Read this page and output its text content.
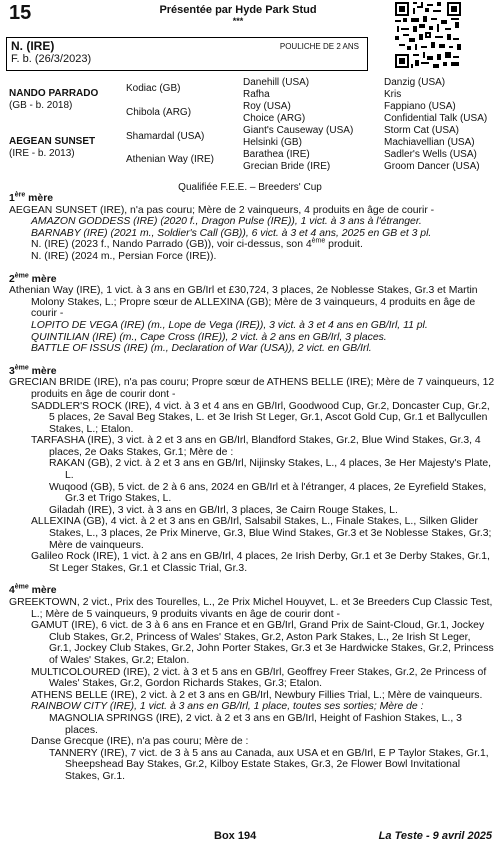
15	Présentée par Hyde Park Stud
***
N. (IRE)
F. b. (26/3/2023)
POULICHE DE 2 ANS
NANDO PARRADO
(GB - b. 2018)
AEGEAN SUNSET
(IRE - b. 2013)
Kodiac (GB)
Chibola (ARG)
Shamardal (USA)
Athenian Way (IRE)
Danehill (USA)
Rafha
Roy (USA)
Choice (ARG)
Giant's Causeway (USA)
Helsinki (GB)
Barathea (IRE)
Grecian Bride (IRE)
Danzig (USA)
Kris
Fappiano (USA)
Confidential Talk (USA)
Storm Cat (USA)
Machiavellian (USA)
Sadler's Wells (USA)
Groom Dancer (USA)
Qualifiée F.E.E. – Breeders' Cup
1ère mère

AEGEAN SUNSET (IRE), n'a pas couru; Mère de 2 vainqueurs, 4 produits en âge de courir -

AMAZON GODDESS (IRE) (2020 f., Dragon Pulse (IRE)), 1 vict. à 3 ans à l'étranger.

BARNABY (IRE) (2021 m., Soldier's Call (GB)), 6 vict. à 3 et 4 ans, 2025 en GB et 3 pl.

N. (IRE) (2023 f., Nando Parrado (GB)), voir ci-dessus, son 4ème produit.

N. (IRE) (2024 m., Persian Force (IRE)).

2ème mère

Athenian Way (IRE), 1 vict. à 3 ans en GB/Irl et £30,724, 3 places, 2e Noblesse Stakes, Gr.3 et Martin Molony Stakes, L.; Propre sœur de ALLEXINA (GB); Mère de 3 vainqueurs, 4 produits en âge de courir -

LOPITO DE VEGA (IRE) (m., Lope de Vega (IRE)), 3 vict. à 3 et 4 ans en GB/Irl, 11 pl.

QUINTILIAN (IRE) (m., Cape Cross (IRE)), 2 vict. à 2 ans en GB/Irl, 3 places.

BATTLE OF ISSUS (IRE) (m., Declaration of War (USA)), 2 vict. en GB/Irl.

3ème mère

GRECIAN BRIDE (IRE), n'a pas couru; Propre sœur de ATHENS BELLE (IRE); Mère de 7 vainqueurs, 12 produits en âge de courir dont -

SADDLER'S ROCK (IRE), 4 vict. à 3 et 4 ans en GB/Irl, Goodwood Cup, Gr.2, Doncaster Cup, Gr.2, 5 places, 2e Saval Beg Stakes, L. et 3e Irish St Leger, Gr.1, Ascot Gold Cup, Gr.1 et Ballycullen Stakes, L.; Etalon.

TARFASHA (IRE), 3 vict. à 2 et 3 ans en GB/Irl, Blandford Stakes, Gr.2, Blue Wind Stakes, Gr.3, 4 places, 2e Oaks Stakes, Gr.1; Mère de :

RAKAN (GB), 2 vict. à 2 et 3 ans en GB/Irl, Nijinsky Stakes, L., 4 places, 3e Her Majesty's Plate, L.

Wuqood (GB), 5 vict. de 2 à 6 ans, 2024 en GB/Irl et à l'étranger, 4 places, 2e Eyrefield Stakes, Gr.3 et Trigo Stakes, L.

Giladah (IRE), 3 vict. à 3 ans en GB/Irl, 3 places, 3e Cairn Rouge Stakes, L.

ALLEXINA (GB), 4 vict. à 2 et 3 ans en GB/Irl, Salsabil Stakes, L., Finale Stakes, L., Silken Glider Stakes, L., 3 places, 2e Prix Minerve, Gr.3, Blue Wind Stakes, Gr.3 et 3e Noblesse Stakes, Gr.3; Mère de vainqueurs.

Galileo Rock (IRE), 1 vict. à 2 ans en GB/Irl, 4 places, 2e Irish Derby, Gr.1 et 3e Derby Stakes, Gr.1, St Leger Stakes, Gr.1 et Classic Trial, Gr.3.

4ème mère

GREEKTOWN, 2 vict., Prix des Tourelles, L., 2e Prix Michel Houyvet, L. et 3e Breeders Cup Classic Test, L.; Mère de 5 vainqueurs, 9 produits vivants en âge de courir dont -

GAMUT (IRE), 6 vict. de 3 à 6 ans en France et en GB/Irl, Grand Prix de Saint-Cloud, Gr.1, Jockey Club Stakes, Gr.2, Princess of Wales' Stakes, Gr.2, Aston Park Stakes, L., 2e Irish St Leger, Gr.1, Jockey Club Stakes, Gr.2, John Porter Stakes, Gr.3 et 3e Hardwicke Stakes, Gr.2, Princess of Wales' Stakes, Gr.2; Etalon.

MULTICOLOURED (IRE), 2 vict. à 3 et 5 ans en GB/Irl, Geoffrey Freer Stakes, Gr.2, 2e Princess of Wales' Stakes, Gr.2, Gordon Richards Stakes, Gr.3; Etalon.

ATHENS BELLE (IRE), 2 vict. à 2 et 3 ans en GB/Irl, Newbury Fillies Trial, L.; Mère de vainqueurs.

RAINBOW CITY (IRE), 1 vict. à 3 ans en GB/Irl, 1 place, toutes ses sorties; Mère de :

MAGNOLIA SPRINGS (IRE), 2 vict. à 2 et 3 ans en GB/Irl, Height of Fashion Stakes, L., 3 places.

Danse Grecque (IRE), n'a pas couru; Mère de :

TANNERY (IRE), 7 vict. de 3 à 5 ans au Canada, aux USA et en GB/Irl, E P Taylor Stakes, Gr.1, Sheepshead Bay Stakes, Gr.2, Kilboy Estate Stakes, Gr.3, 2e Flower Bowl Invitational Stakes, Gr.1.

Box 194	La Teste - 9 avril 2025
